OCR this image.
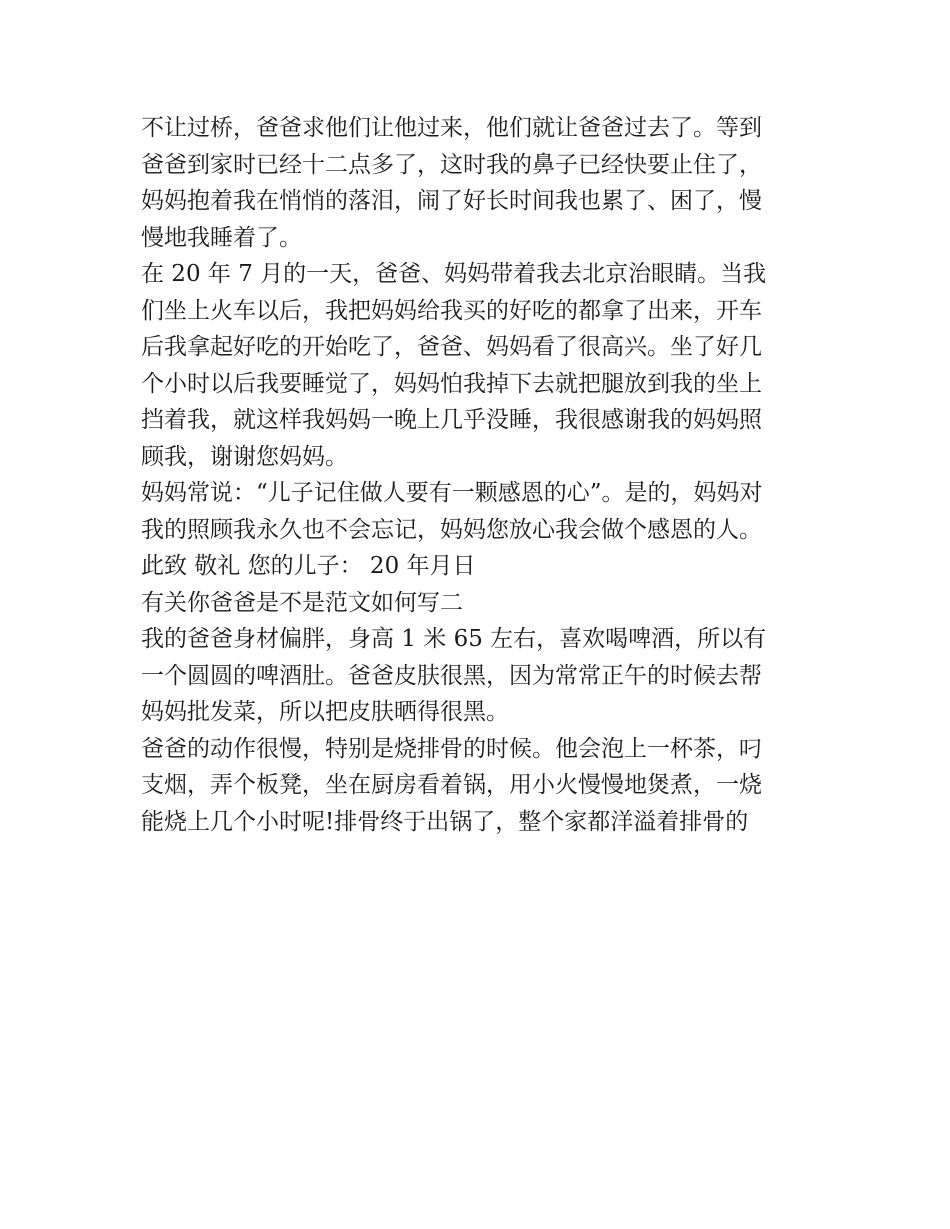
不让过桥，爸爸求他们让他过来，他们就让爸爸过去了。等到
爸爸到家时已经十二点多了，这时我的鼻子已经快要止住了，
妈妈抱着我在悄悄的落泪，闹了好长时间我也累了、困了，慢
慢地我睡着了。
在 20 年 7 月的一天，爸爸、妈妈带着我去北京治眼睛。当我
们坐上火车以后，我把妈妈给我买的好吃的都拿了出来，开车
后我拿起好吃的开始吃了，爸爸、妈妈看了很高兴。坐了好几
个小时以后我要睡觉了，妈妈怕我掉下去就把腿放到我的坐上
挡着我，就这样我妈妈一晚上几乎没睡，我很感谢我的妈妈照
顾我，谢谢您妈妈。
妈妈常说：“儿子记住做人要有一颗感恩的心”。是的，妈妈对
我的照顾我永久也不会忘记，妈妈您放心我会做个感恩的人。
此致 敬礼 您的儿子： 20 年月日
有关你爸爸是不是范文如何写二
我的爸爸身材偏胖，身高 1 米 65 左右，喜欢喝啤酒，所以有
一个圆圆的啤酒肚。爸爸皮肤很黑，因为常常正午的时候去帮
妈妈批发菜，所以把皮肤晒得很黑。
爸爸的动作很慢，特别是烧排骨的时候。他会泡上一杯茶，叼
支烟，弄个板凳，坐在厨房看着锅，用小火慢慢地煲煮，一烧
能烧上几个小时呢!排骨终于出锅了，整个家都洋溢着排骨的
